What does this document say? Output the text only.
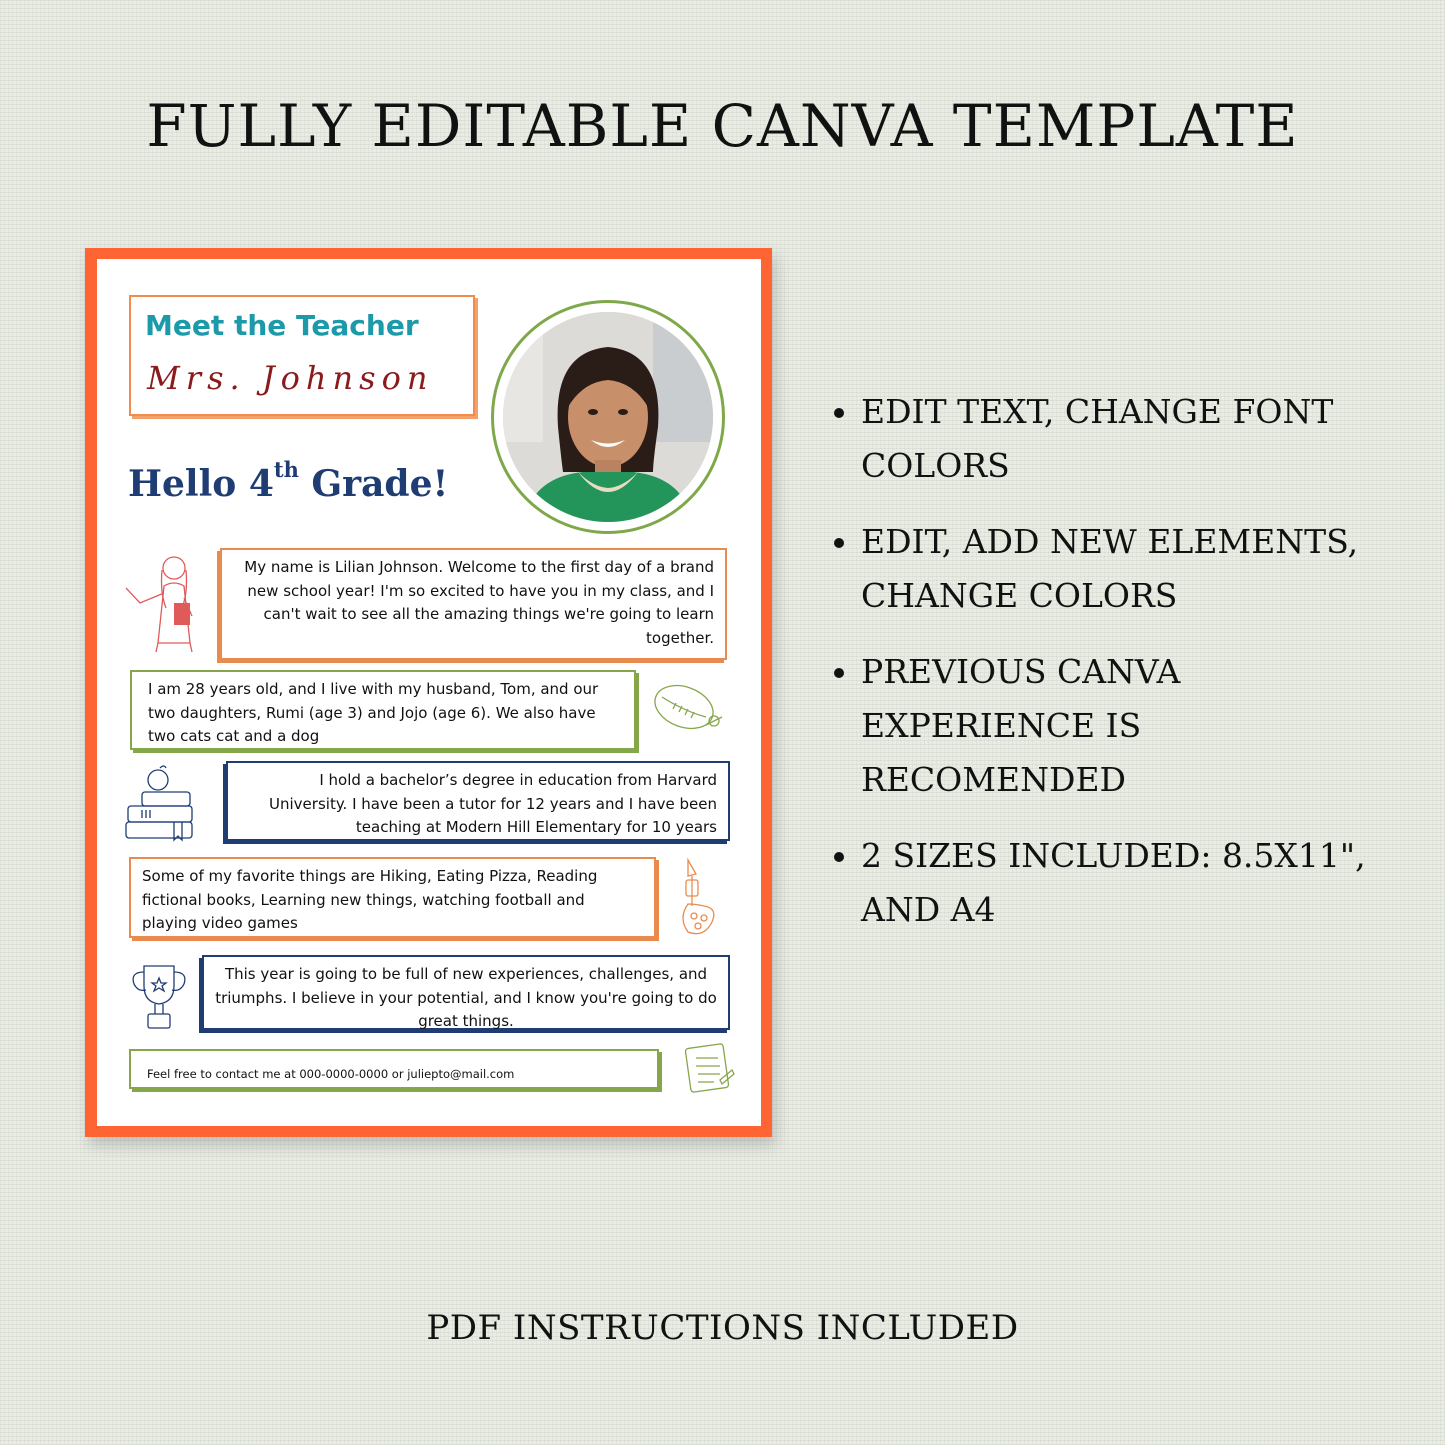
FULLY EDITABLE CANVA TEMPLATE
Meet the Teacher
Mrs. Johnson
Hello 4th Grade!

My name is Lilian Johnson. Welcome to the first day of a brand new school year! I'm so excited to have you in my class, and I can't wait to see all the amazing things we're going to learn together.

I am 28 years old, and I live with my husband, Tom, and our two daughters, Rumi (age 3) and Jojo (age 6). We also have two cats cat and a dog

I hold a bachelor’s degree in education from Harvard University. I have been a tutor for 12 years and I have been teaching at Modern Hill Elementary for 10 years

Some of my favorite things are Hiking, Eating Pizza, Reading fictional books, Learning new things, watching football and playing video games

This year is going to be full of new experiences, challenges, and triumphs. I believe in your potential, and I know you're going to do great things.

Feel free to contact me at 000-0000-0000 or juliepto@mail.com

EDIT TEXT, CHANGE FONT COLORS
EDIT, ADD NEW ELEMENTS, CHANGE COLORS
PREVIOUS CANVA EXPERIENCE IS RECOMENDED
2 SIZES INCLUDED: 8.5X11", AND A4
PDF INSTRUCTIONS INCLUDED
